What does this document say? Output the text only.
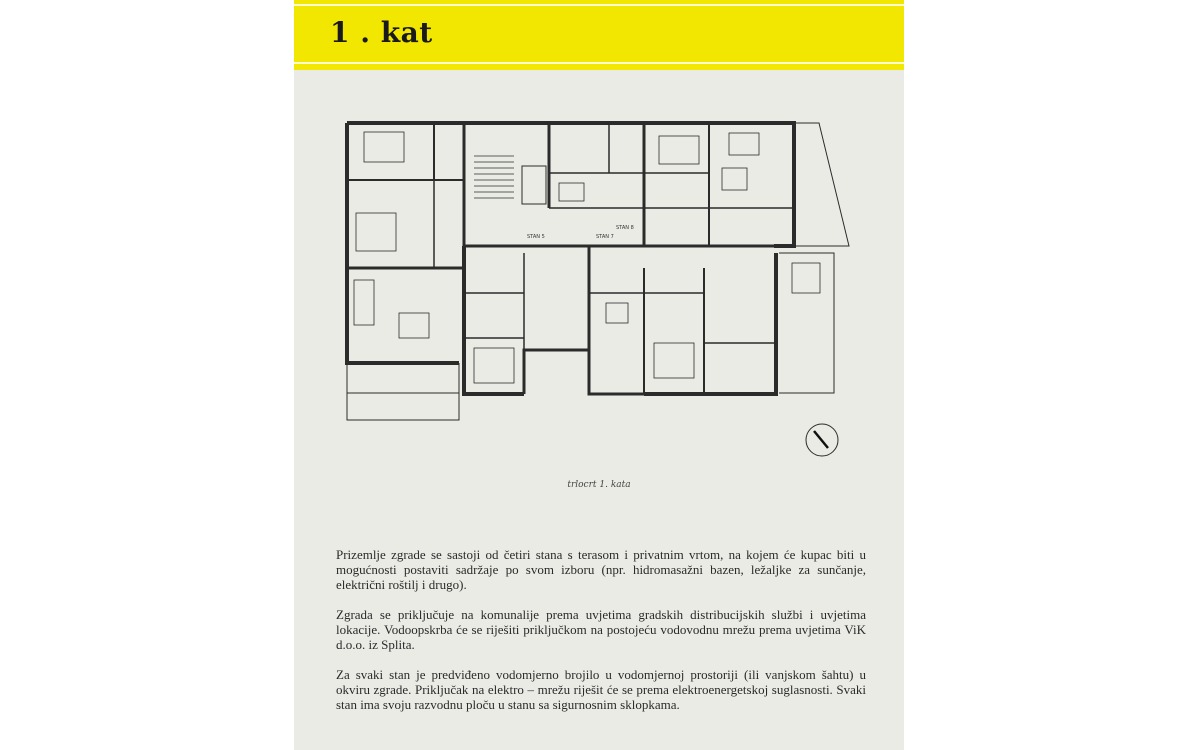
1 . kat
STAN 5	STAN 7
STAN 8
trlocrt 1. kata

Prizemlje zgrade se sastoji od četiri stana s terasom i privatnim vrtom, na kojem će kupac biti u mogućnosti postaviti sadržaje po svom izboru (npr. hidromasažni bazen, ležaljke za sunčanje, električni roštilj i drugo).

Zgrada se priključuje na komunalije prema uvjetima gradskih distribucijskih službi i uvjetima lokacije. Vodoopskrba će se riješiti priključkom na postojeću vodovodnu mrežu prema uvjetima ViK d.o.o. iz Splita.

Za svaki stan je predviđeno vodomjerno brojilo u vodomjernoj prostoriji (ili vanjskom šahtu) u okviru zgrade. Priključak na elektro – mrežu riješit će se prema elektroenergetskoj suglasnosti. Svaki stan ima svoju razvodnu ploču u stanu sa sigurnosnim sklopkama.
